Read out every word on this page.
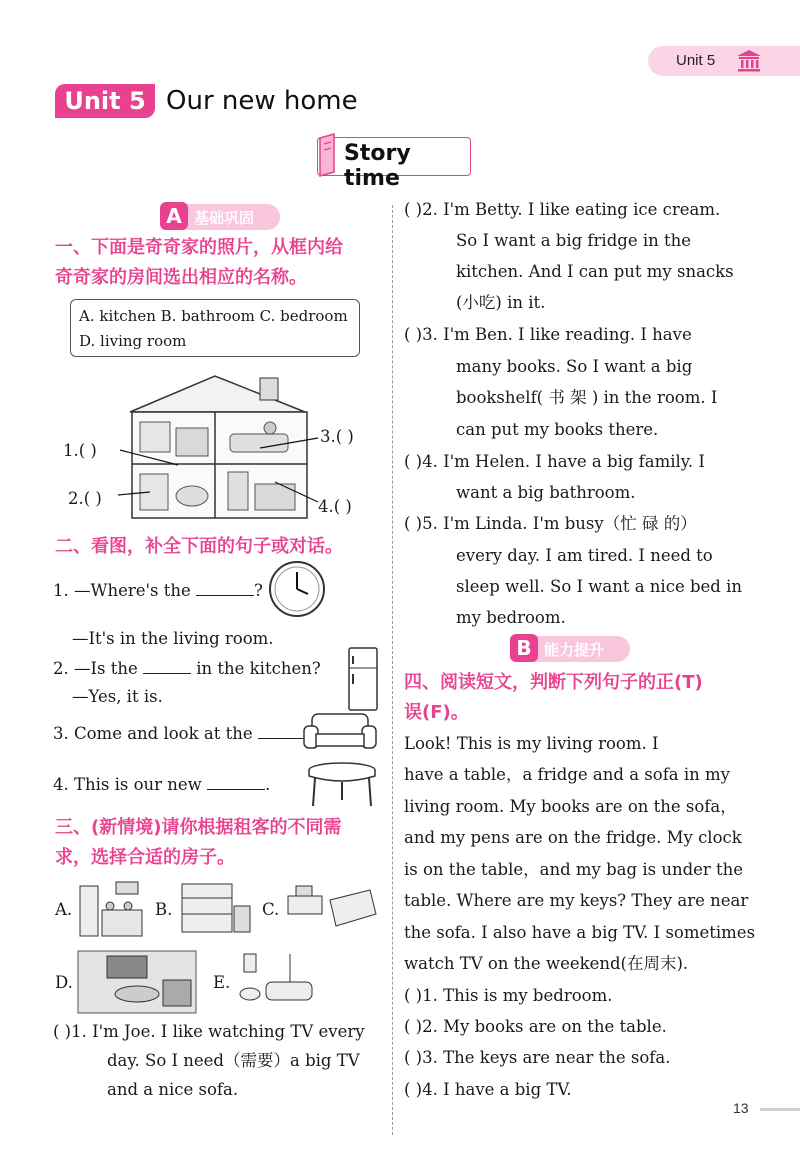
Unit 5
Unit 5 Our new home
Story time
A 基础巩固
一、下面是奇奇家的照片，从框内给
奇奇家的房间选出相应的名称。
A. kitchen B. bathroom C. bedroom
D. living room
1.( )
2.( )
3.( )
4.( )
二、看图，补全下面的句子或对话。
1. —Where's the	?
—It's in the living room.
2. —Is the	in the kitchen?
—Yes, it is.
3. Come and look at the
4. This is our new	.
三、(新情境)请你根据租客的不同需
求，选择合适的房子。
A.	B.	C.
D.	E.
( )1. I'm Joe. I like watching TV every
day. So I need（需要）a big TV
and a nice sofa.
( )2. I'm Betty. I like eating ice cream.
So I want a big fridge in the
kitchen. And I can put my snacks
(小吃) in it.
( )3. I'm Ben. I like reading. I have
many books. So I want a big
bookshelf( 书 架 ) in the room. I
can put my books there.
( )4. I'm Helen. I have a big family. I
want a big bathroom.
( )5. I'm Linda. I'm busy（忙 碌 的）
every day. I am tired. I need to
sleep well. So I want a nice bed in
my bedroom.
B 能力提升
四、阅读短文，判断下列句子的正(T)
误(F)。
Look! This is my living room. I
have a table，a fridge and a sofa in my
living room. My books are on the sofa，
and my pens are on the fridge. My clock
is on the table，and my bag is under the
table. Where are my keys? They are near
the sofa. I also have a big TV. I sometimes
watch TV on the weekend(在周末).
( )1. This is my bedroom.
( )2. My books are on the table.
( )3. The keys are near the sofa.
( )4. I have a big TV.
13
